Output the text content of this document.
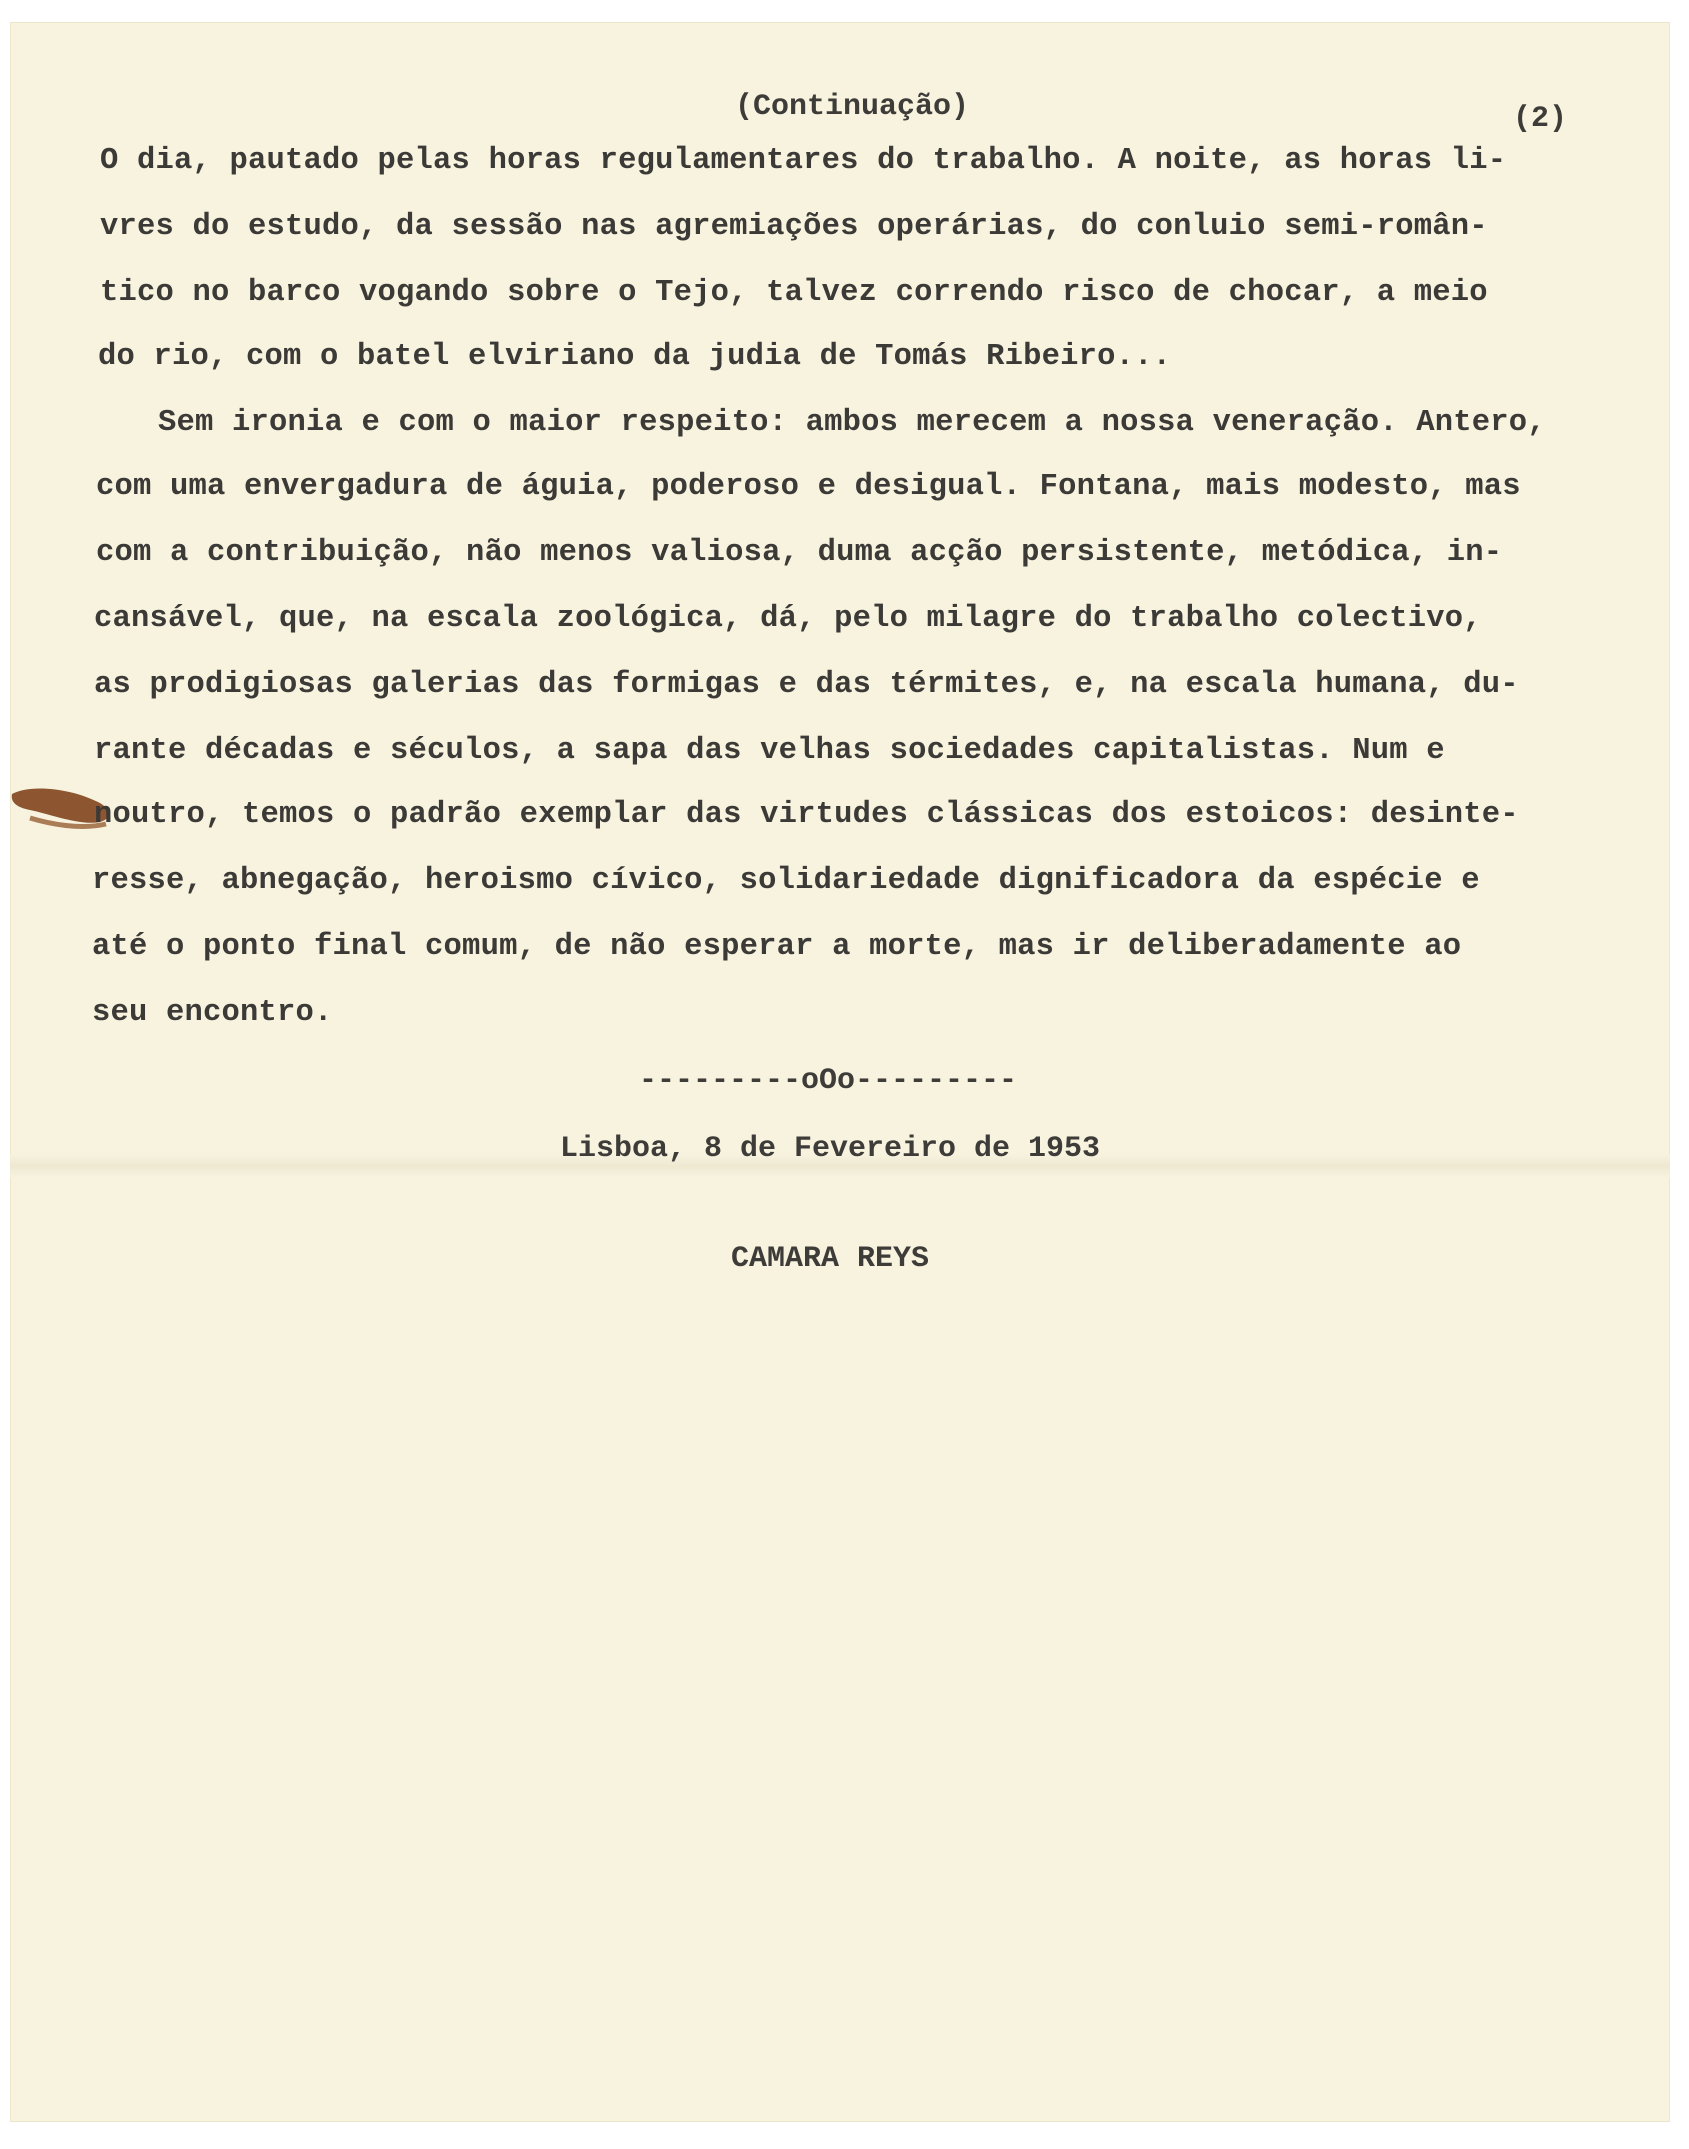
(Continuação)	(2)
O dia, pautado pelas horas regulamentares do trabalho. A noite, as horas li-
vres do estudo, da sessão nas agremiações operárias, do conluio semi-român-
tico no barco vogando sobre o Tejo, talvez correndo risco de chocar, a meio
do rio, com o batel elviriano da judia de Tomás Ribeiro...
Sem ironia e com o maior respeito: ambos merecem a nossa veneração. Antero,
com uma envergadura de águia, poderoso e desigual. Fontana, mais modesto, mas
com a contribuição, não menos valiosa, duma acção persistente, metódica, in-
cansável, que, na escala zoológica, dá, pelo milagre do trabalho colectivo,
as prodigiosas galerias das formigas e das térmites, e, na escala humana, du-
rante décadas e séculos, a sapa das velhas sociedades capitalistas. Num e
noutro, temos o padrão exemplar das virtudes clássicas dos estoicos: desinte-
resse, abnegação, heroismo cívico, solidariedade dignificadora da espécie e
até o ponto final comum, de não esperar a morte, mas ir deliberadamente ao
seu encontro.
---------oOo---------
Lisboa, 8 de Fevereiro de 1953
CAMARA REYS
